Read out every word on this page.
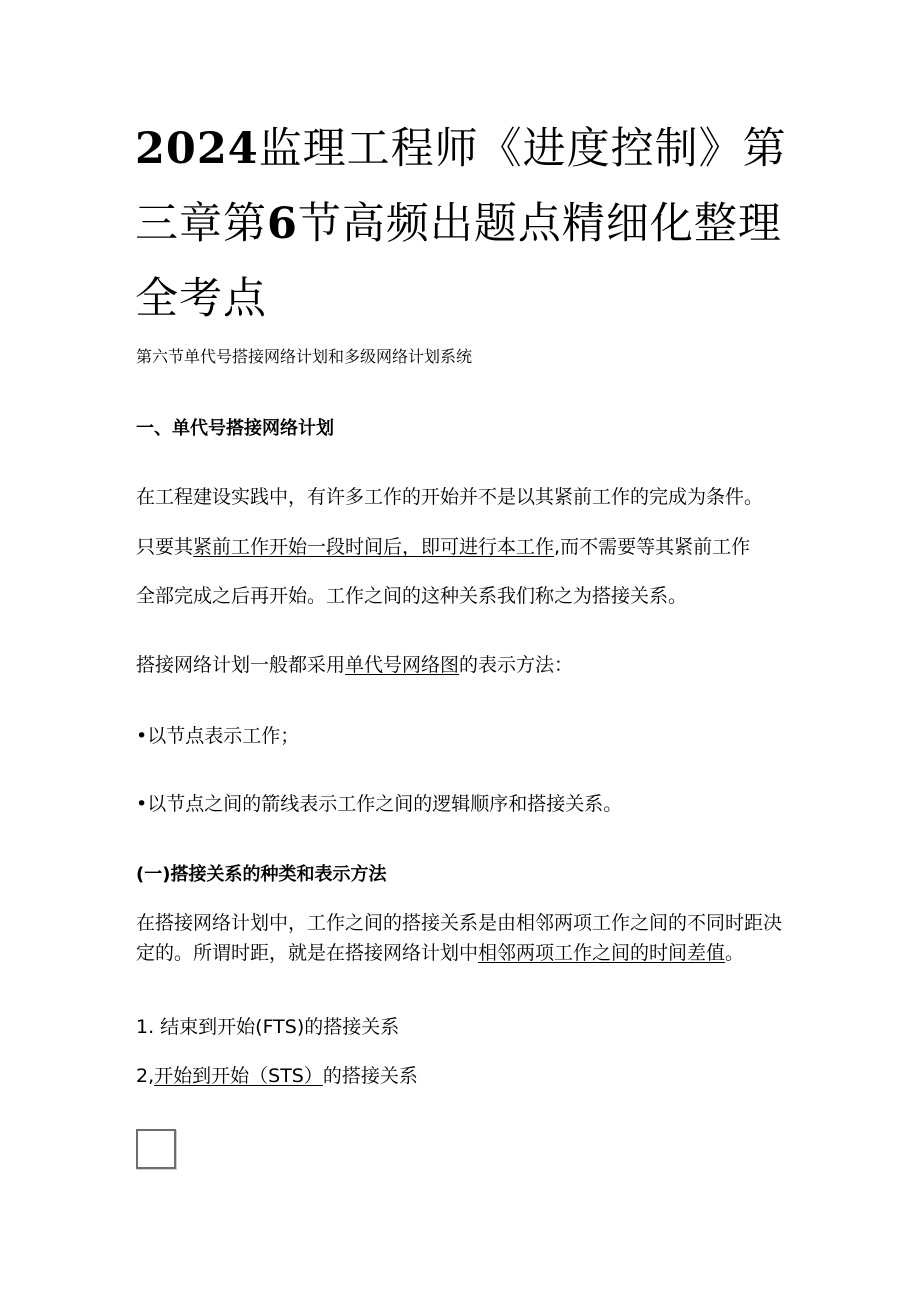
2024监理工程师《进度控制》第三章第6节高频出题点精细化整理全考点

第六节单代号搭接网络计划和多级网络计划系统

一、单代号搭接网络计划

在工程建设实践中，有许多工作的开始并不是以其紧前工作的完成为条件。

只要其紧前工作开始一段时间后，即可进行本工作,而不需要等其紧前工作

全部完成之后再开始。工作之间的这种关系我们称之为搭接关系。

搭接网络计划一般都采用单代号网络图的表示方法：

•以节点表示工作；

•以节点之间的箭线表示工作之间的逻辑顺序和搭接关系。

(一)搭接关系的种类和表示方法

在搭接网络计划中，工作之间的搭接关系是由相邻两项工作之间的不同时距决定的。所谓时距，就是在搭接网络计划中相邻两项工作之间的时间差值。

1. 结束到开始(FTS)的搭接关系

2,开始到开始（STS）的搭接关系
